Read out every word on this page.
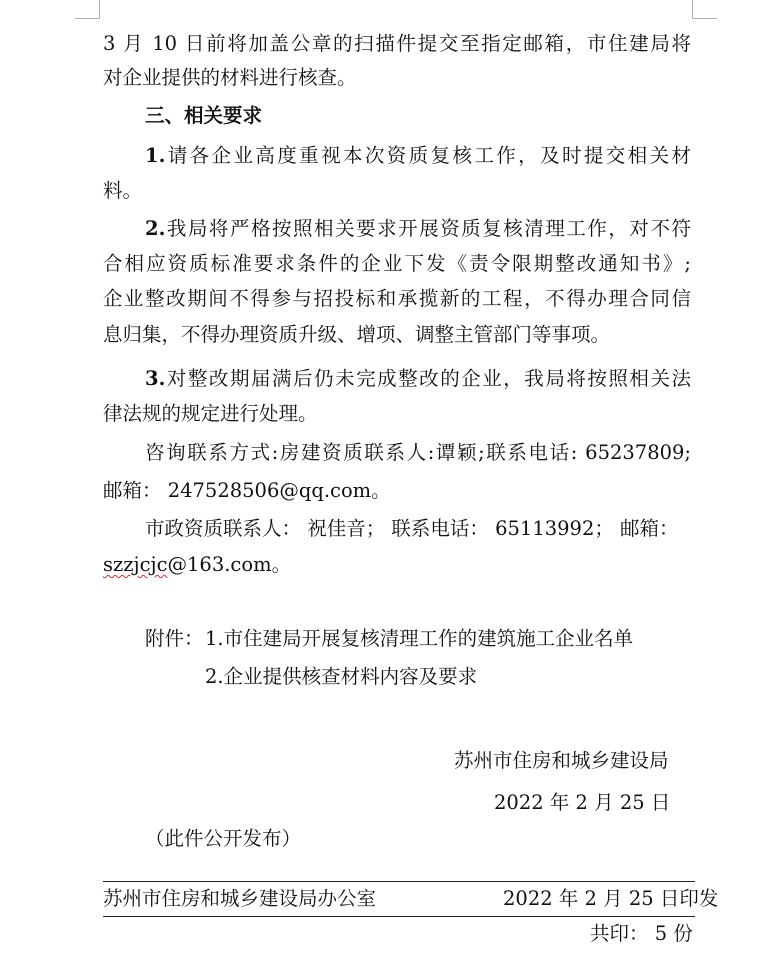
3 月 10 日前将加盖公章的扫描件提交至指定邮箱，市住建局将
对企业提供的材料进行核查。
三、相关要求
1.请各企业高度重视本次资质复核工作，及时提交相关材
料。
2.我局将严格按照相关要求开展资质复核清理工作，对不符
合相应资质标准要求条件的企业下发《责令限期整改通知书》;
企业整改期间不得参与招投标和承揽新的工程，不得办理合同信
息归集，不得办理资质升级、增项、调整主管部门等事项。
3.对整改期届满后仍未完成整改的企业，我局将按照相关法
律法规的规定进行处理。
咨询联系方式:房建资质联系人:谭颖;联系电话: 65237809;
邮箱： 247528506@qq.com。
市政资质联系人： 祝佳音； 联系电话： 65113992； 邮箱：
szzjcjc@163.com。
附件： 1.市住建局开展复核清理工作的建筑施工企业名单
2.企业提供核查材料内容及要求
苏州市住房和城乡建设局
2022 年 2 月 25 日
（此件公开发布）
苏州市住房和城乡建设局办公室	2022 年 2 月 25 日印发
共印： 5 份
